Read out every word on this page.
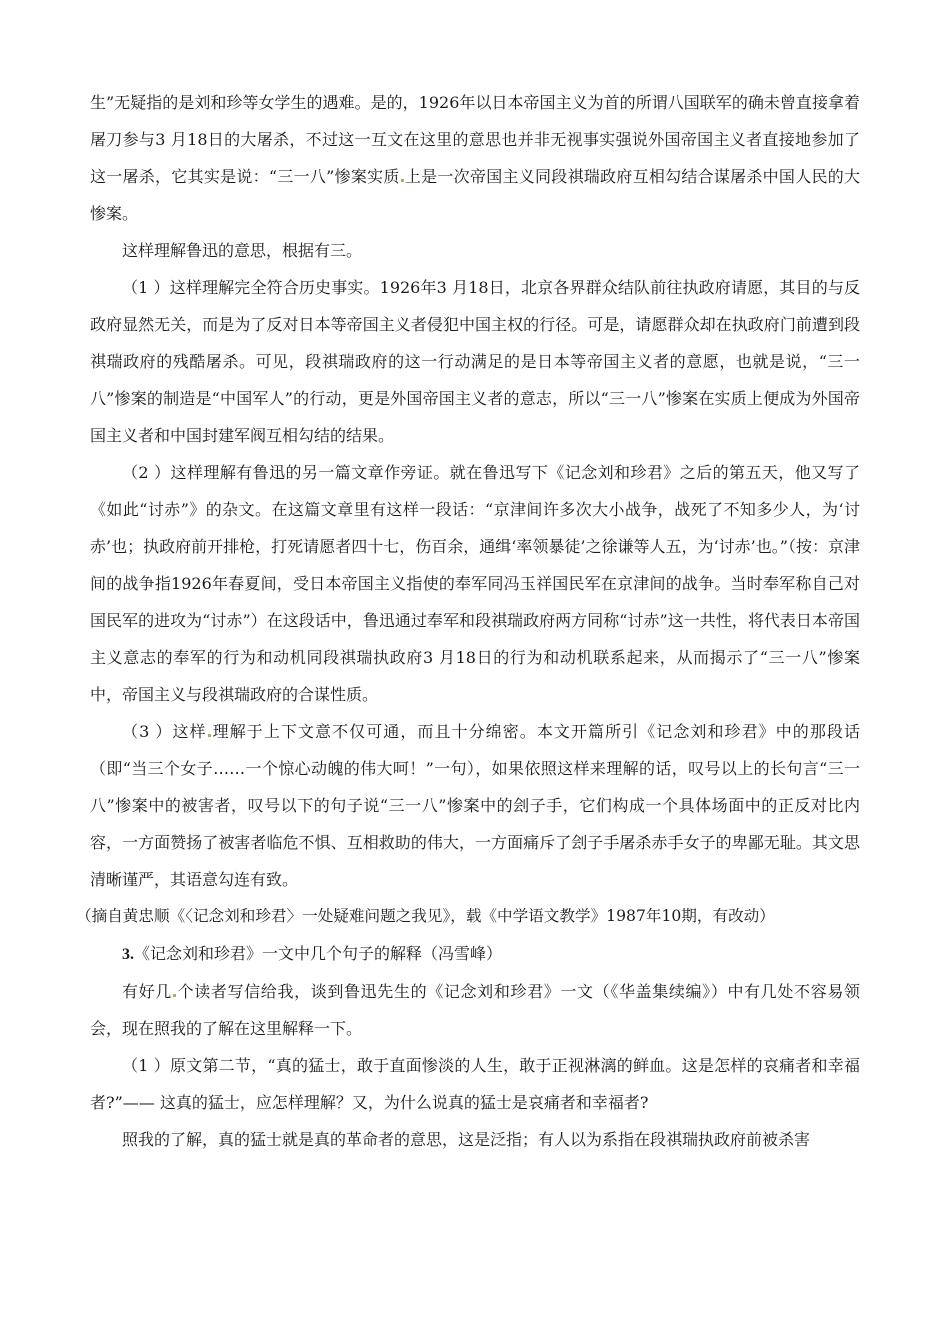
生”无疑指的是刘和珍等女学生的遇难。是的，1926年以日本帝国主义为首的所谓八国联军的确未曾直接拿着屠刀参与3 月18日的大屠杀，不过这一互文在这里的意思也并非无视事实强说外国帝国主义者直接地参加了这一屠杀，它其实是说：“三一八”惨案实质 上是一次帝国主义同段祺瑞政府互相勾结合谋屠杀中国人民的大惨案。

这样理解鲁迅的意思，根据有三。

（1 ）这样理解完全符合历史事实。1926年3 月18日，北京各界群众结队前往执政府请愿，其目的与反政府显然无关，而是为了反对日本等帝国主义者侵犯中国主权的行径。可是，请愿群众却在执政府门前遭到段祺瑞政府的残酷屠杀。可见，段祺瑞政府的这一行动满足的是日本等帝国主义者的意愿，也就是说，“三一八”惨案的制造是“中国军人”的行动，更是外国帝国主义者的意志，所以“三一八”惨案在实质上便成为外国帝国主义者和中国封建军阀互相勾结的结果。

（2 ）这样理解有鲁迅的另一篇文章作旁证。就在鲁迅写下《记念刘和珍君》之后的第五天，他又写了《如此“讨赤”》的杂文。在这篇文章里有这样一段话：“京津间许多次大小战争，战死了不知多少人，为‘讨赤’也；执政府前开排枪，打死请愿者四十七，伤百余，通缉‘率领暴徒’之徐谦等人五，为‘讨赤’也。”（按：京津间的战争指1926年春夏间，受日本帝国主义指使的奉军同冯玉祥国民军在京津间的战争。当时奉军称自己对国民军的进攻为“讨赤”）在这段话中，鲁迅通过奉军和段祺瑞政府两方同称“讨赤”这一共性，将代表日本帝国主义意志的奉军的行为和动机同段祺瑞执政府3 月18日的行为和动机联系起来，从而揭示了“三一八”惨案中，帝国主义与段祺瑞政府的合谋性质。

（3 ）这样 理解于上下文意不仅可通，而且十分绵密。本文开篇所引《记念刘和珍君》中的那段话（即“当三个女子……一个惊心动魄的伟大呵！”一句），如果依照这样来理解的话，叹号以上的长句言“三一八”惨案中的被害者，叹号以下的句子说“三一八”惨案中的刽子手，它们构成一个具体场面中的正反对比内容，一方面赞扬了被害者临危不惧、互相救助的伟大，一方面痛斥了刽子手屠杀赤手女子的卑鄙无耻。其文思清晰谨严，其语意勾连有致。

（摘自黄忠顺《〈记念刘和珍君〉一处疑难问题之我见》，载《中学语文教学》1987年10期，有改动）

3.《记念刘和珍君》一文中几个句子的解释（冯雪峰）

有好几 个读者写信给我，谈到鲁迅先生的《记念刘和珍君》一文（《华盖集续编》）中有几处不容易领会，现在照我的了解在这里解释一下。

（1 ）原文第二节，“真的猛士，敢于直面惨淡的人生，敢于正视淋漓的鲜血。这是怎样的哀痛者和幸福者?”—— 这真的猛士，应怎样理解？又，为什么说真的猛士是哀痛者和幸福者?

照我的了解，真的猛士就是真的革命者的意思，这是泛指；有人以为系指在段祺瑞执政府前被杀害
